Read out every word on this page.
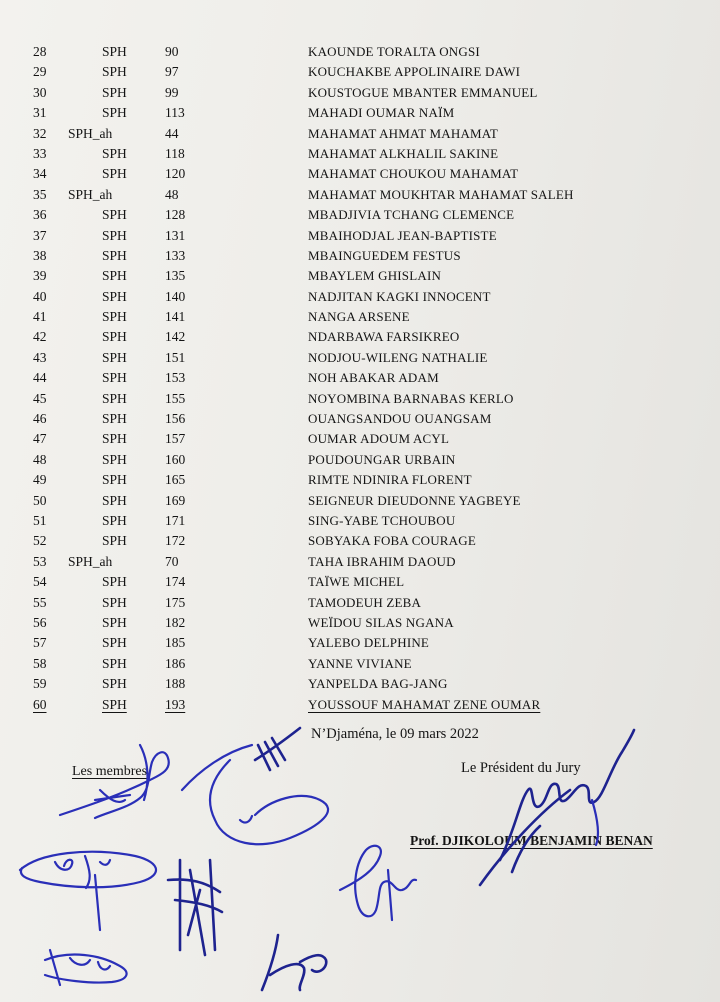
28	SPH	90	KAOUNDE TORALTA ONGSI
29	SPH	97	KOUCHAKBE APPOLINAIRE DAWI
30	SPH	99	KOUSTOGUE MBANTER EMMANUEL
31	SPH	113	MAHADI OUMAR NAÏM
32 SPH_ah	44	MAHAMAT AHMAT MAHAMAT
33	SPH	118	MAHAMAT ALKHALIL SAKINE
34	SPH	120	MAHAMAT CHOUKOU MAHAMAT
35 SPH_ah	48	MAHAMAT MOUKHTAR MAHAMAT SALEH
36	SPH	128	MBADJIVIA TCHANG CLEMENCE
37	SPH	131	MBAIHODJAL JEAN-BAPTISTE
38	SPH	133	MBAINGUEDEM FESTUS
39	SPH	135	MBAYLEM GHISLAIN
40	SPH	140	NADJITAN KAGKI INNOCENT
41	SPH	141	NANGA ARSENE
42	SPH	142	NDARBAWA FARSIKREO
43	SPH	151	NODJOU-WILENG NATHALIE
44	SPH	153	NOH ABAKAR ADAM
45	SPH	155	NOYOMBINA BARNABAS KERLO
46	SPH	156	OUANGSANDOU OUANGSAM
47	SPH	157	OUMAR ADOUM ACYL
48	SPH	160	POUDOUNGAR URBAIN
49	SPH	165	RIMTE NDINIRA FLORENT
50	SPH	169	SEIGNEUR DIEUDONNE YAGBEYE
51	SPH	171	SING-YABE TCHOUBOU
52	SPH	172	SOBYAKA FOBA COURAGE
53 SPH_ah	70	TAHA IBRAHIM DAOUD
54	SPH	174	TAÏWE MICHEL
55	SPH	175	TAMODEUH ZEBA
56	SPH	182	WEÏDOU SILAS NGANA
57	SPH	185	YALEBO DELPHINE
58	SPH	186	YANNE VIVIANE
59	SPH	188	YANPELDA BAG-JANG
60	SPH	193	YOUSSOUF MAHAMAT ZENE OUMAR
N’Djaména, le 09 mars 2022
Les membres	Le Président du Jury
Prof. DJIKOLOUM BENJAMIN BENAN
